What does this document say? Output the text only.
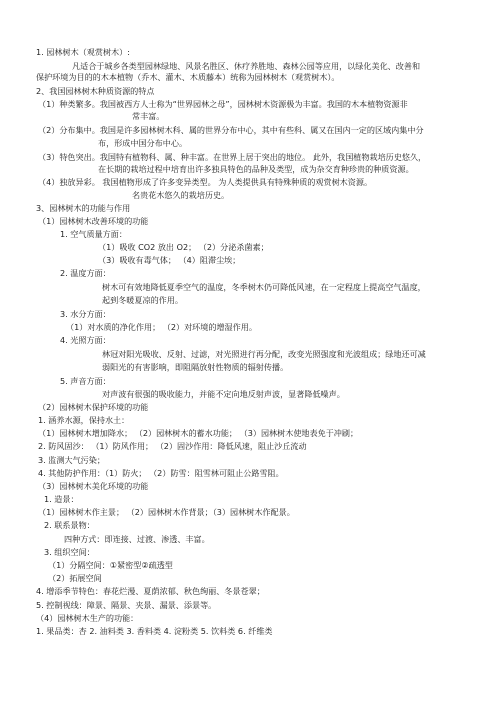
1. 园林树木（观赏树木）:
凡适合于城乡各类型园林绿地、风景名胜区、休疗养胜地、森林公园等应用，以绿化美化、改善和
保护环境为目的的木本植物（乔木、灌木、木质藤本）统称为园林树木（观赏树木）。
2、我国园林树木种质资源的特点
（1）种类繁多。我国被西方人士称为“世界园林之母”，园林树木资源极为丰富。我国的木本植物资源非
常丰富。
（2）分布集中。我国是许多园林树木科、属的世界分布中心，其中有些科、属又在国内一定的区域内集中分
布，形成中国分布中心。
（3）特色突出。我国特有植物科、属、种丰富。在世界上居于突出的地位。 此外，我国植物栽培历史悠久，
在长期的栽培过程中培育出许多独具特色的品种及类型，成为杂交育种珍贵的种质资源。
（4）独放异彩。 我国植物形成了许多变异类型。 为人类提供具有特殊种质的观赏树木资源。
名贵花木悠久的栽培历史。
3、园林树木的功能与作用
（1）园林树木改善环境的功能
1. 空气质量方面：
（1）吸收 CO2 放出 O2； （2）分泌杀菌素；
（3）吸收有毒气体； （4）阻滞尘埃；
2. 温度方面：
树木可有效地降低夏季空气的温度，冬季树木仍可降低风速，在一定程度上提高空气温度，
起到冬暖夏凉的作用。
3. 水分方面：
（1）对水质的净化作用； （2）对环境的增湿作用。
4. 光照方面：
林冠对阳光吸收、反射、过滤，对光照进行再分配，改变光照强度和光波组成；绿地还可减
弱阳光的有害影响，即阻隔放射性物质的辐射传播。
5. 声音方面：
对声波有很强的吸收能力，并能不定向地反射声波，显著降低噪声。
（2）园林树木保护环境的功能
1. 涵养水源，保持水土：
（1）园林树木增加降水； （2）园林树木的蓄水功能； （3）园林树木使地表免于冲刷；
2. 防风固沙： （1）防风作用； （2）固沙作用：降低风速，阻止沙丘流动
3. 监测大气污染；
4. 其他防护作用：（1）防火； （2）防雪：阻雪林可阻止公路雪阻。
（3）园林树木美化环境的功能
1. 造景：
（1）园林树木作主景； （2）园林树木作背景；（3）园林树木作配景。
2. 联系景物：
四种方式：即连接、过渡、渗透、丰富。
3. 组织空间：
（1）分隔空间：①紧密型②疏透型
（2）拓展空间
4. 增添季节特色：春花烂漫、夏荫浓郁、秋色绚丽、冬景苍翠；
5. 控制视线：障景、隔景、夹景、漏景、添景等。
（4）园林树木生产的功能：
1. 果品类：杏 2. 油料类 3. 香料类 4. 淀粉类 5. 饮料类 6. 纤维类
